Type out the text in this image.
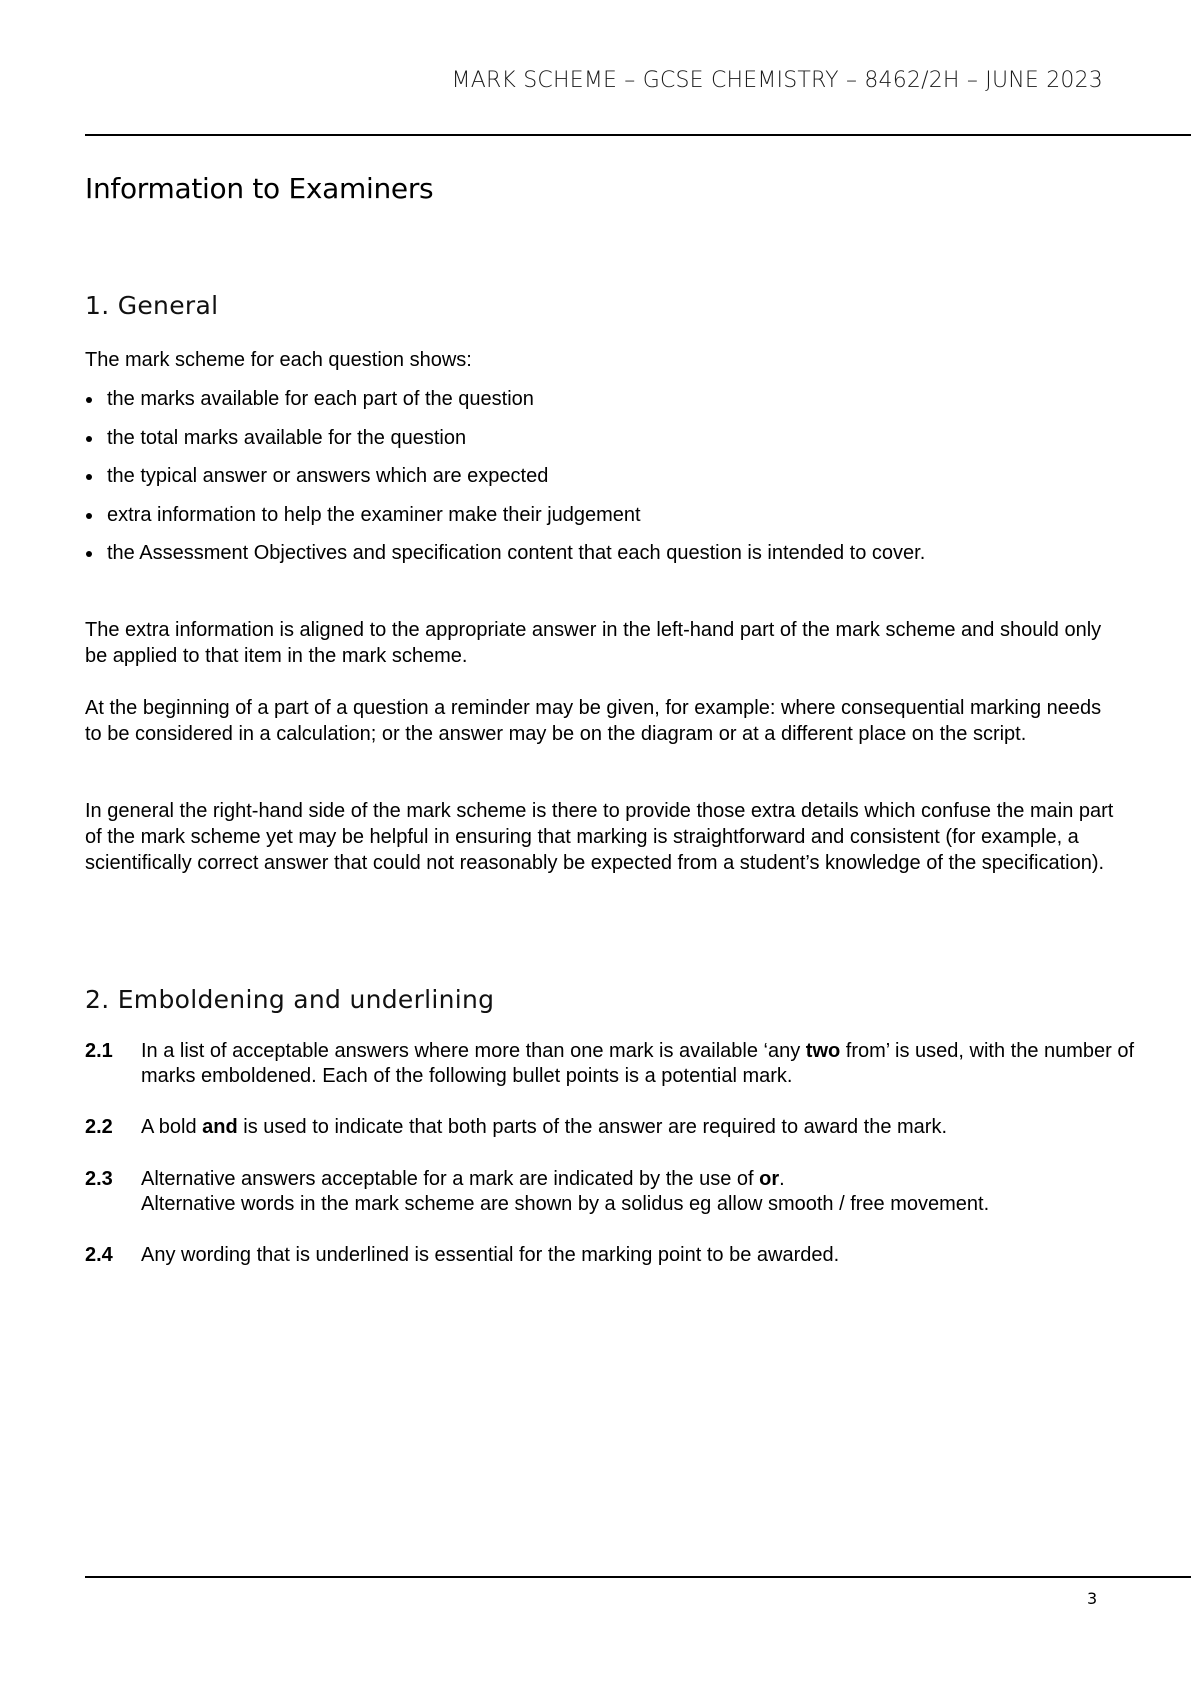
MARK SCHEME – GCSE CHEMISTRY – 8462/2H – JUNE 2023
Information to Examiners
1. General

The mark scheme for each question shows:

the marks available for each part of the question
the total marks available for the question
the typical answer or answers which are expected
extra information to help the examiner make their judgement
the Assessment Objectives and specification content that each question is intended to cover.

The extra information is aligned to the appropriate answer in the left-hand part of the mark scheme and should only be applied to that item in the mark scheme.

At the beginning of a part of a question a reminder may be given, for example: where consequential marking needs to be considered in a calculation; or the answer may be on the diagram or at a different place on the script.

In general the right-hand side of the mark scheme is there to provide those extra details which confuse the main part of the mark scheme yet may be helpful in ensuring that marking is straightforward and consistent (for example, a scientifically correct answer that could not reasonably be expected from a student’s knowledge of the specification).

2. Emboldening and underlining
2.1 In a list of acceptable answers where more than one mark is available ‘any two from’ is used, with the number of marks emboldened. Each of the following bullet points is a potential mark.
2.2 A bold and is used to indicate that both parts of the answer are required to award the mark.
2.3 Alternative answers acceptable for a mark are indicated by the use of or.
Alternative words in the mark scheme are shown by a solidus eg allow smooth / free movement.
2.4 Any wording that is underlined is essential for the marking point to be awarded.
3
